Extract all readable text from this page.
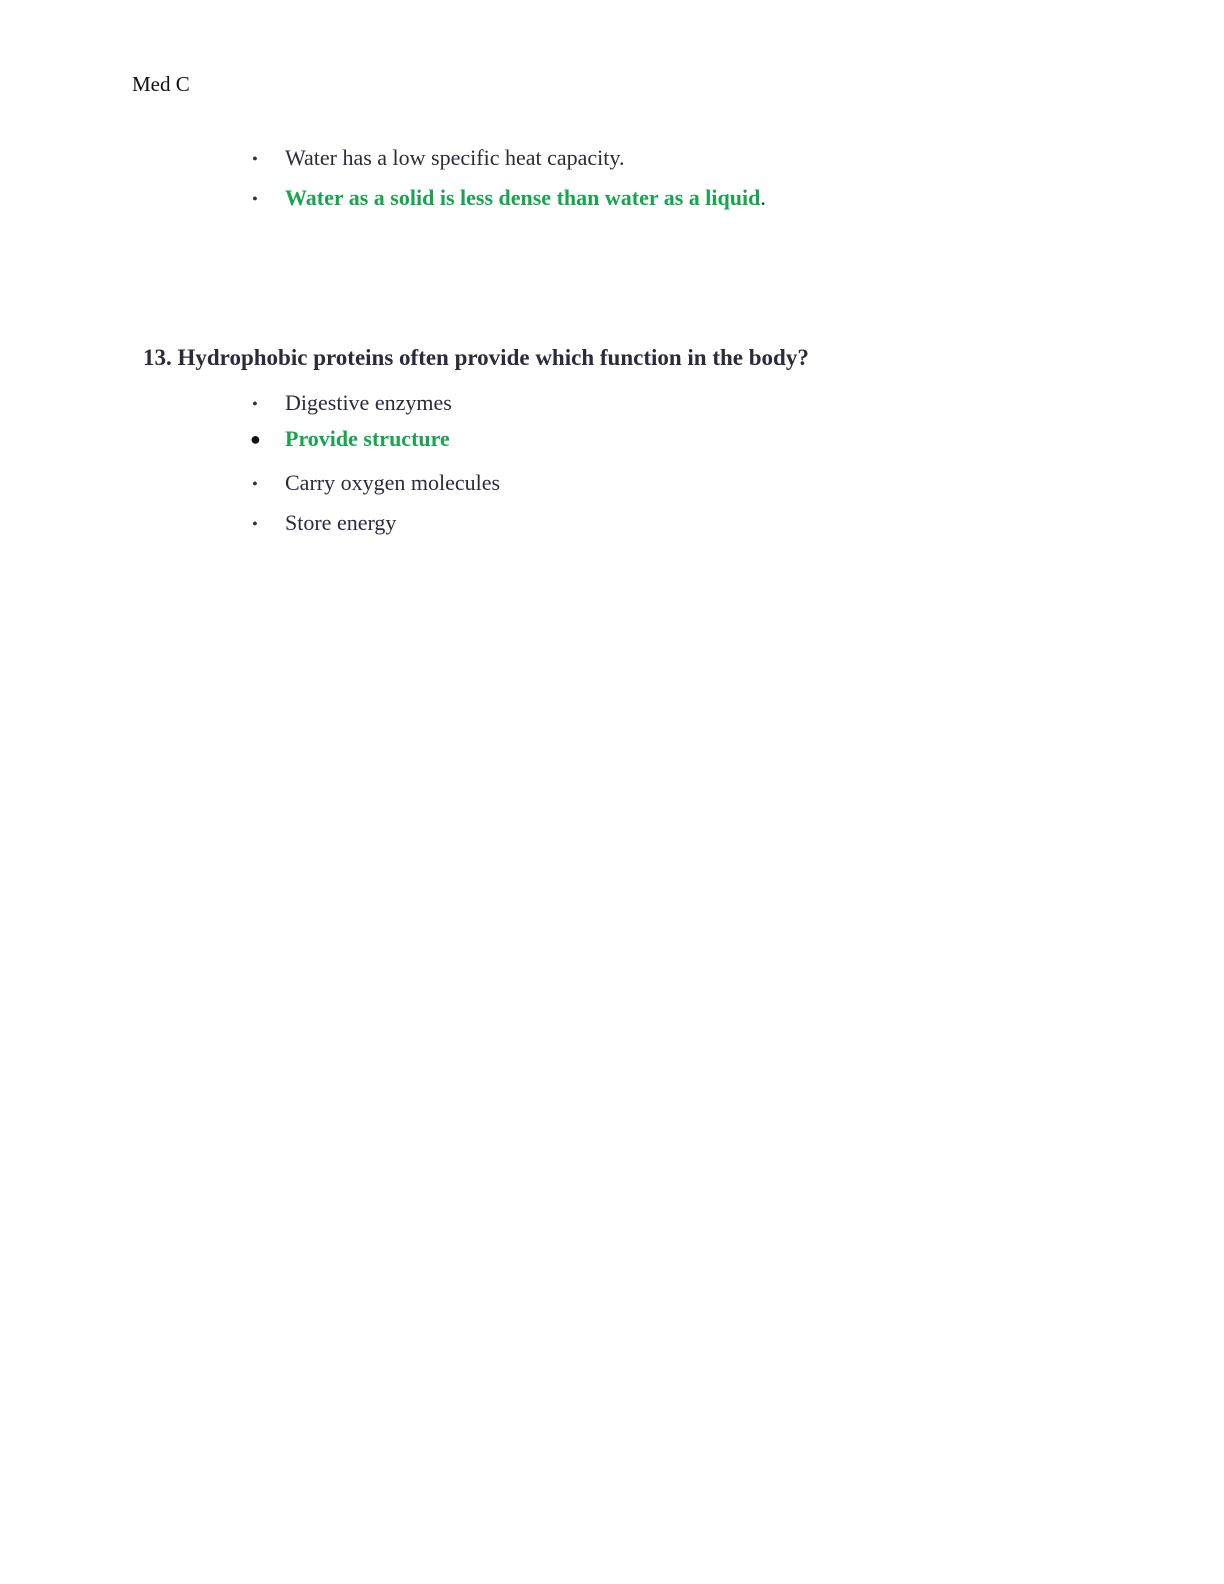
Med C
● Water has a low specific heat capacity.
● Water as a solid is less dense than water as a liquid.
13. Hydrophobic proteins often provide which function in the body?
● Digestive enzymes
● Provide structure
● Carry oxygen molecules
● Store energy
